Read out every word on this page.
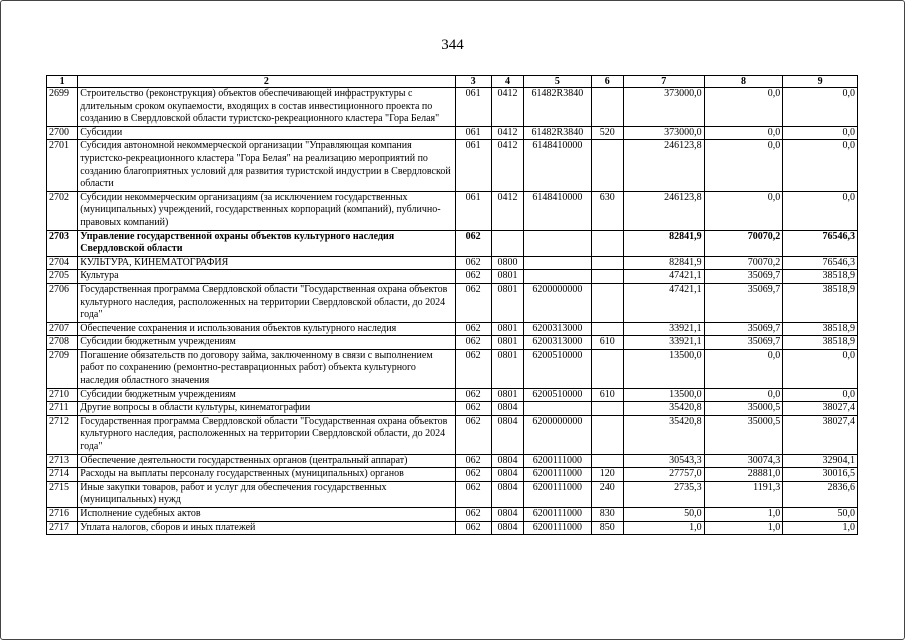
344
1	2	3	4	5	6	7	8	9
2699	Строительство (реконструкция) объектов обеспечивающей инфраструктуры с длительным сроком окупаемости, входящих в состав инвестиционного проекта по созданию в Свердловской области туристско-рекреационного кластера "Гора Белая"	061	0412	61482R3840		373000,0	0,0	0,0
2700	Субсидии	061	0412	61482R3840	520	373000,0	0,0	0,0
2701	Субсидия автономной некоммерческой организации "Управляющая компания туристско-рекреационного кластера "Гора Белая" на реализацию мероприятий по созданию благоприятных условий для развития туристской индустрии в Свердловской области	061	0412	6148410000		246123,8	0,0	0,0
2702	Субсидии некоммерческим организациям (за исключением государственных (муниципальных) учреждений, государственных корпораций (компаний), публично-правовых компаний)	061	0412	6148410000	630	246123,8	0,0	0,0
2703	Управление государственной охраны объектов культурного наследия Свердловской области	062				82841,9	70070,2	76546,3
2704	КУЛЬТУРА, КИНЕМАТОГРАФИЯ	062	0800			82841,9	70070,2	76546,3
2705	Культура	062	0801			47421,1	35069,7	38518,9
2706	Государственная программа Свердловской области "Государственная охрана объектов культурного наследия, расположенных на территории Свердловской области, до 2024 года"	062	0801	6200000000		47421,1	35069,7	38518,9
2707	Обеспечение сохранения и использования объектов культурного наследия	062	0801	6200313000		33921,1	35069,7	38518,9
2708	Субсидии бюджетным учреждениям	062	0801	6200313000	610	33921,1	35069,7	38518,9
2709	Погашение обязательств по договору займа, заключенному в связи с выполнением работ по сохранению (ремонтно-реставрационных работ) объекта культурного наследия областного значения	062	0801	6200510000		13500,0	0,0	0,0
2710	Субсидии бюджетным учреждениям	062	0801	6200510000	610	13500,0	0,0	0,0
2711	Другие вопросы в области культуры, кинематографии	062	0804			35420,8	35000,5	38027,4
2712	Государственная программа Свердловской области "Государственная охрана объектов культурного наследия, расположенных на территории Свердловской области, до 2024 года"	062	0804	6200000000		35420,8	35000,5	38027,4
2713	Обеспечение деятельности государственных органов (центральный аппарат)	062	0804	6200111000		30543,3	30074,3	32904,1
2714	Расходы на выплаты персоналу государственных (муниципальных) органов	062	0804	6200111000	120	27757,0	28881,0	30016,5
2715	Иные закупки товаров, работ и услуг для обеспечения государственных (муниципальных) нужд	062	0804	6200111000	240	2735,3	1191,3	2836,6
2716	Исполнение судебных актов	062	0804	6200111000	830	50,0	1,0	50,0
2717	Уплата налогов, сборов и иных платежей	062	0804	6200111000	850	1,0	1,0	1,0
